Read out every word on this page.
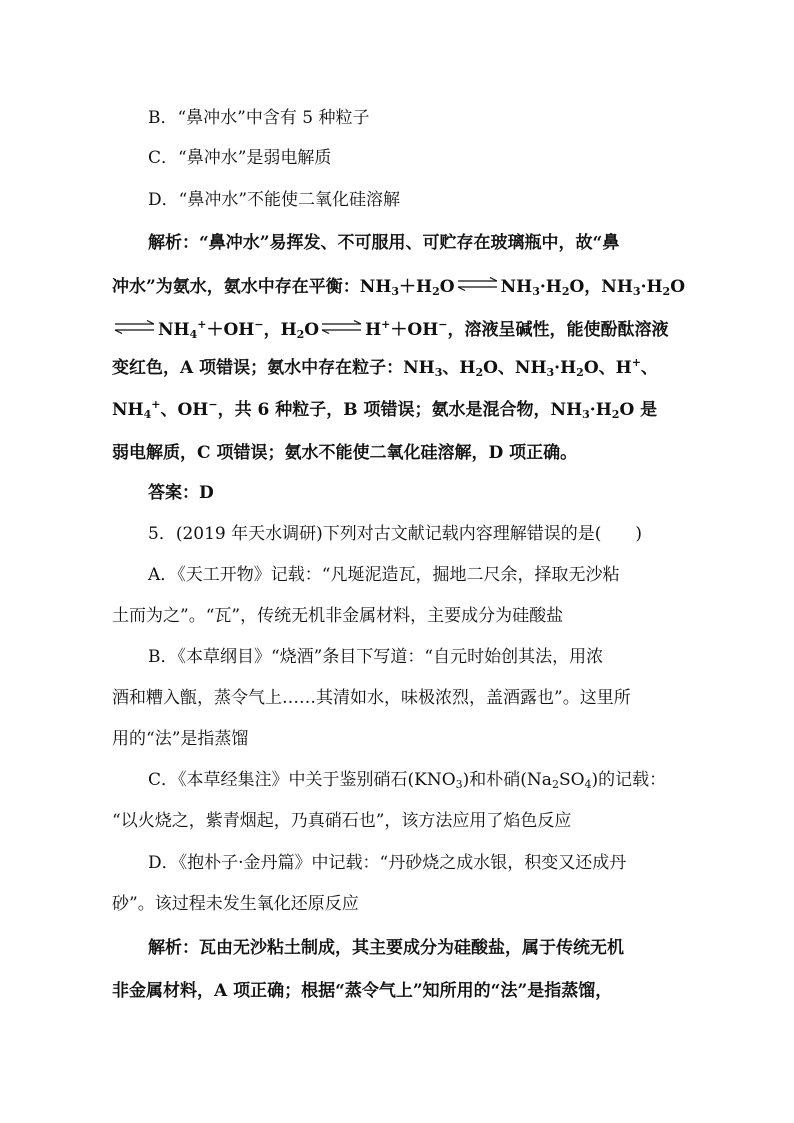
B．“鼻冲水”中含有 5 种粒子
C．“鼻冲水”是弱电解质
D．“鼻冲水”不能使二氧化硅溶解
解析：“鼻冲水”易挥发、不可服用、可贮存在玻璃瓶中，故“鼻
冲水”为氨水，氨水中存在平衡：$NH_3+H_2O$ ⇌ $NH_3\cdot H_2O$，$NH_3\cdot H_2O$
⇌ $NH_4^++OH^-$，$H_2O$ ⇌ H+＋OH−，溶液呈碱性，能使酚酞溶液
变红色，A 项错误；氨水中存在粒子：$NH_3$、$H_2O$、$NH_3\cdot H_2O$、H+、
$NH_4^+$、OH−，共 6 种粒子，B 项错误；氨水是混合物，$NH_3\cdot H_2O$ 是
弱电解质，C 项错误；氨水不能使二氧化硅溶解，D 项正确。
答案：D
5．(2019 年天水调研)下列对古文献记载内容理解错误的是(　　)
A．《天工开物》记载：“凡埏泥造瓦，掘地二尺余，择取无沙粘
土而为之”。“瓦”，传统无机非金属材料，主要成分为硅酸盐
B．《本草纲目》“烧酒”条目下写道：“自元时始创其法，用浓
酒和糟入甑，蒸令气上……其清如水，味极浓烈，盖酒露也”。这里所
用的“法”是指蒸馏
C．《本草经集注》中关于鉴别硝石$(KNO_3)$和朴硝$(Na_2SO_4)$的记载：
“以火烧之，紫青烟起，乃真硝石也”，该方法应用了焰色反应
D．《抱朴子·金丹篇》中记载：“丹砂烧之成水银，积变又还成丹
砂”。该过程未发生氧化还原反应
解析：瓦由无沙粘土制成，其主要成分为硅酸盐，属于传统无机
非金属材料，A 项正确；根据“蒸令气上”知所用的“法”是指蒸馏，
